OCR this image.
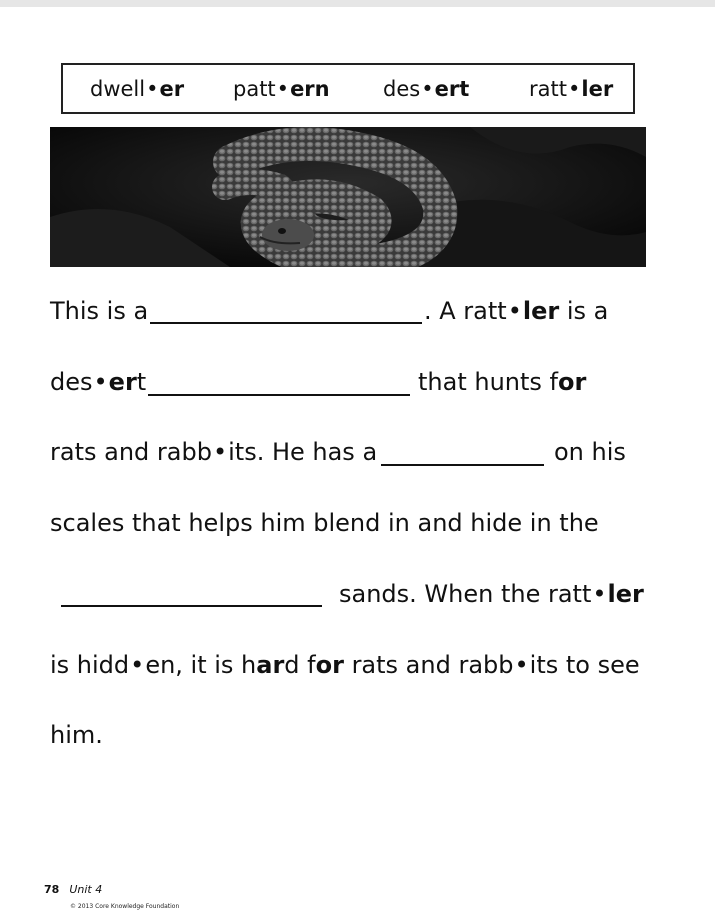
dwell•er patt•ern	des•ert	ratt•ler
This is a	. A ratt•ler is a
des•ert	that hunts for
rats and rabb•its. He has a	on his
scales that helps him blend in and hide in the
sands. When the ratt•ler
is hidd•en, it is hard for rats and rabb•its to see
him.
78 Unit 4
© 2013 Core Knowledge Foundation
